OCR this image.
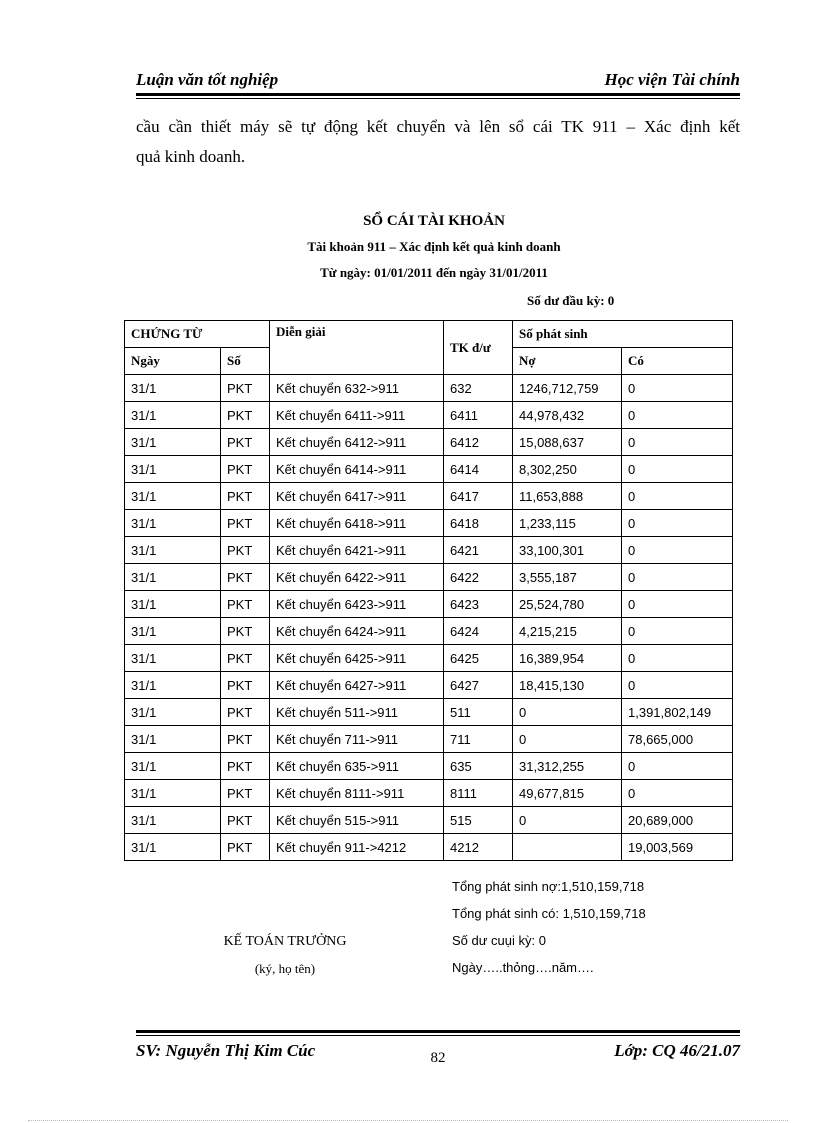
Luận văn tốt nghiệp	Học viện Tài chính
cầu cần thiết máy sẽ tự động kết chuyển và lên sổ cái TK 911 – Xác định kết
quả kinh doanh.
SỔ CÁI TÀI KHOẢN
Tài khoản 911 – Xác định kết quả kinh doanh
Từ ngày: 01/01/2011 đến ngày 31/01/2011
Số dư đầu kỳ: 0
CHỨNG TỪ		Diễn giải	TK đ/ư	Số phát sinh	
Ngày	Số			Nợ	Có
31/1	PKT	Kết chuyển 632->911	632	1246,712,759	0
31/1	PKT	Kết chuyển 6411->911	6411	44,978,432	0
31/1	PKT	Kết chuyển 6412->911	6412	15,088,637	0
31/1	PKT	Kết chuyển 6414->911	6414	8,302,250	0
31/1	PKT	Kết chuyển 6417->911	6417	11,653,888	0
31/1	PKT	Kết chuyển 6418->911	6418	1,233,115	0
31/1	PKT	Kết chuyển 6421->911	6421	33,100,301	0
31/1	PKT	Kết chuyển 6422->911	6422	3,555,187	0
31/1	PKT	Kết chuyển 6423->911	6423	25,524,780	0
31/1	PKT	Kết chuyển 6424->911	6424	4,215,215	0
31/1	PKT	Kết chuyển 6425->911	6425	16,389,954	0
31/1	PKT	Kết chuyển 6427->911	6427	18,415,130	0
31/1	PKT	Kết chuyển 511->911	511	0	1,391,802,149
31/1	PKT	Kết chuyển 711->911	711	0	78,665,000
31/1	PKT	Kết chuyển 635->911	635	31,312,255	0
31/1	PKT	Kết chuyển 8111->911	8111	49,677,815	0
31/1	PKT	Kết chuyển 515->911	515	0	20,689,000
31/1	PKT	Kết chuyển 911->4212	4212		19,003,569
Tổng phát sinh nợ:1,510,159,718
Tổng phát sinh có: 1,510,159,718
Số dư cuụi kỳ: 0
Ngày…..thỏng….năm….
KẾ TOÁN TRƯỞNG
(ký, họ tên)
SV: Nguyễn Thị Kim Cúc	82	Lớp: CQ 46/21.07
